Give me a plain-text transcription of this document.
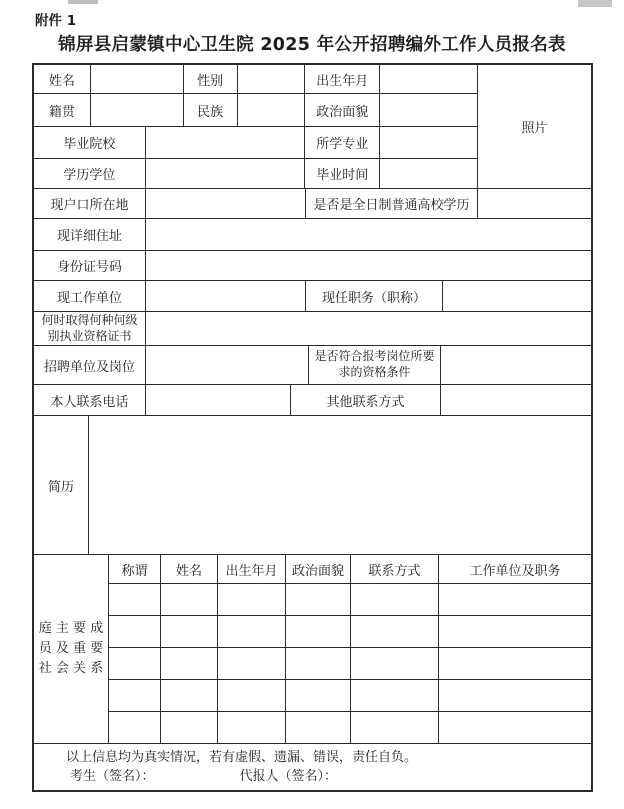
附件 1
锦屏县启蒙镇中心卫生院 2025 年公开招聘编外工作人员报名表
姓名	性别	出生年月
籍贯	民族	政治面貌
毕业院校	所学专业
学历学位	毕业时间
照片
现户口所在地	是否是全日制普通高校学历
现详细住址
身份证号码
现工作单位	现任职务（职称）
何时取得何种何级
别执业资格证书
招聘单位及岗位
是否符合报考岗位所要
求的资格条件
本人联系电话	其他联系方式
简历
庭 主 要 成
员 及 重 要
社 会 关 系
称谓	姓名	出生年月	政治面貌	联系方式	工作单位及职务
以上信息均为真实情况，若有虚假、遗漏、错误，责任自负。
考生（签名）：	代报人（签名）：
